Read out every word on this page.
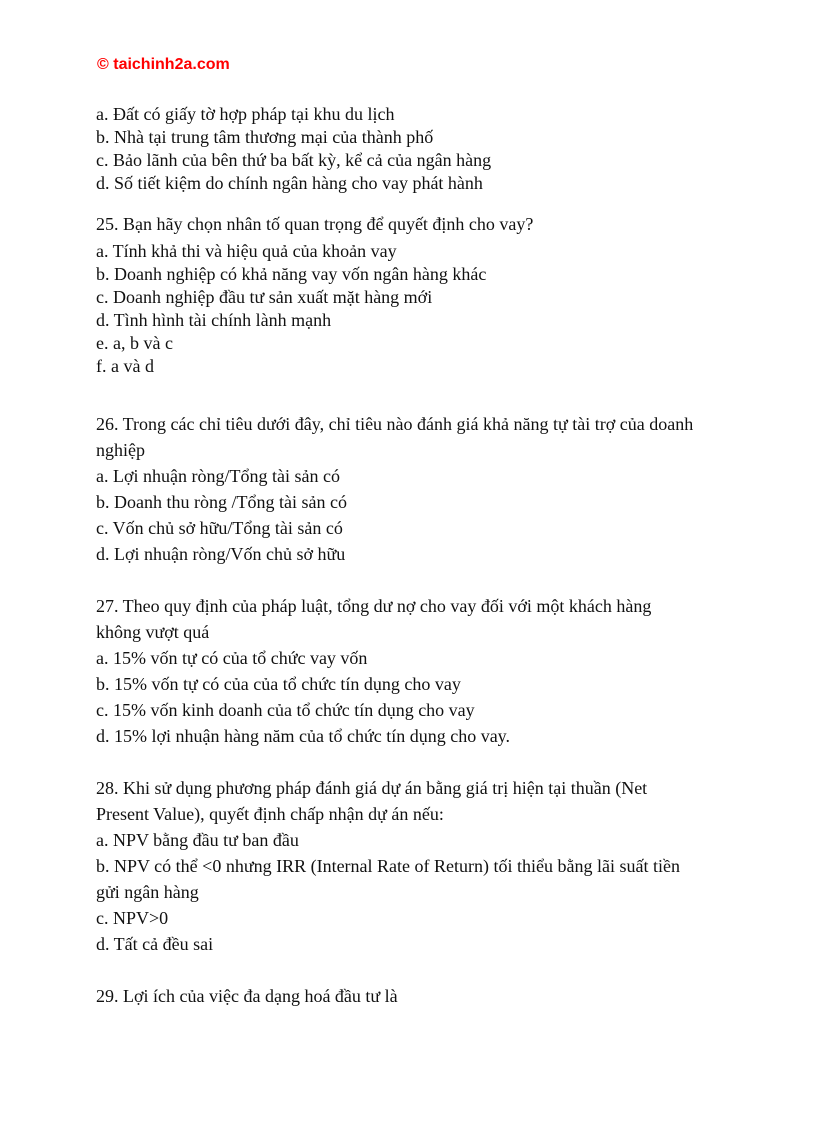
© taichinh2a.com
a. Đất có giấy tờ hợp pháp tại khu du lịch
b. Nhà tại trung tâm thương mại của thành phố
c. Bảo lãnh của bên thứ ba bất kỳ, kể cả của ngân hàng
d. Số tiết kiệm do chính ngân hàng cho vay phát hành
25. Bạn hãy chọn nhân tố quan trọng để quyết định cho vay?
a. Tính khả thi và hiệu quả của khoản vay
b. Doanh nghiệp có khả năng vay vốn ngân hàng khác
c. Doanh nghiệp đầu tư sản xuất mặt hàng mới
d. Tình hình tài chính lành mạnh
e. a, b và c
f. a và d
26. Trong các chỉ tiêu dưới đây, chỉ tiêu nào đánh giá khả năng tự tài trợ của doanh
nghiệp
a. Lợi nhuận ròng/Tổng tài sản có
b. Doanh thu ròng /Tổng tài sản có
c. Vốn chủ sở hữu/Tổng tài sản có
d. Lợi nhuận ròng/Vốn chủ sở hữu
27. Theo quy định của pháp luật, tổng dư nợ cho vay đối với một khách hàng
không vượt quá
a. 15% vốn tự có của tổ chức vay vốn
b. 15% vốn tự có của của tổ chức tín dụng cho vay
c. 15% vốn kinh doanh của tổ chức tín dụng cho vay
d. 15% lợi nhuận hàng năm của tổ chức tín dụng cho vay.
28. Khi sử dụng phương pháp đánh giá dự án bằng giá trị hiện tại thuần (Net
Present Value), quyết định chấp nhận dự án nếu:
a. NPV bằng đầu tư ban đầu
b. NPV có thể <0 nhưng IRR (Internal Rate of Return) tối thiểu bằng lãi suất tiền
gửi ngân hàng
c. NPV>0
d. Tất cả đều sai
29. Lợi ích của việc đa dạng hoá đầu tư là
